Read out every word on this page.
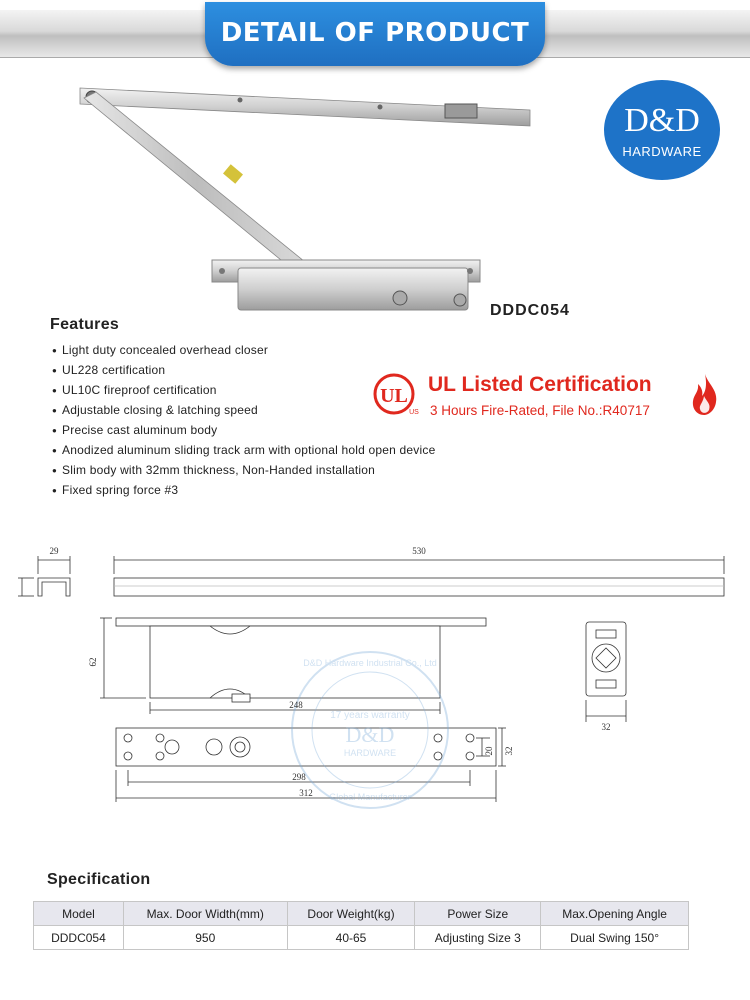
DETAIL OF PRODUCT
D&D
HARDWARE
DDDC054
Features
● Light duty concealed overhead closer
● UL228 certification
● UL10C fireproof certification
● Adjustable closing & latching speed
● Precise cast aluminum body
● Anodized aluminum sliding track arm with optional hold open device
● Slim body with 32mm thickness, Non-Handed installation
● Fixed spring force #3
UL
US
UL Listed Certification
3 Hours Fire-Rated, File No.:R40717
D&D
17 years warranty
HARDWARE
D&D Hardware Industrial Co., Ltd
Global Manufacturer
29	530
62
248
32
20 32
298
312
Specification
Model	Max. Door Width(mm)	Door Weight(kg)	Power Size	Max.Opening Angle
DDDC054	950	40-65	Adjusting Size 3	Dual Swing 150°
